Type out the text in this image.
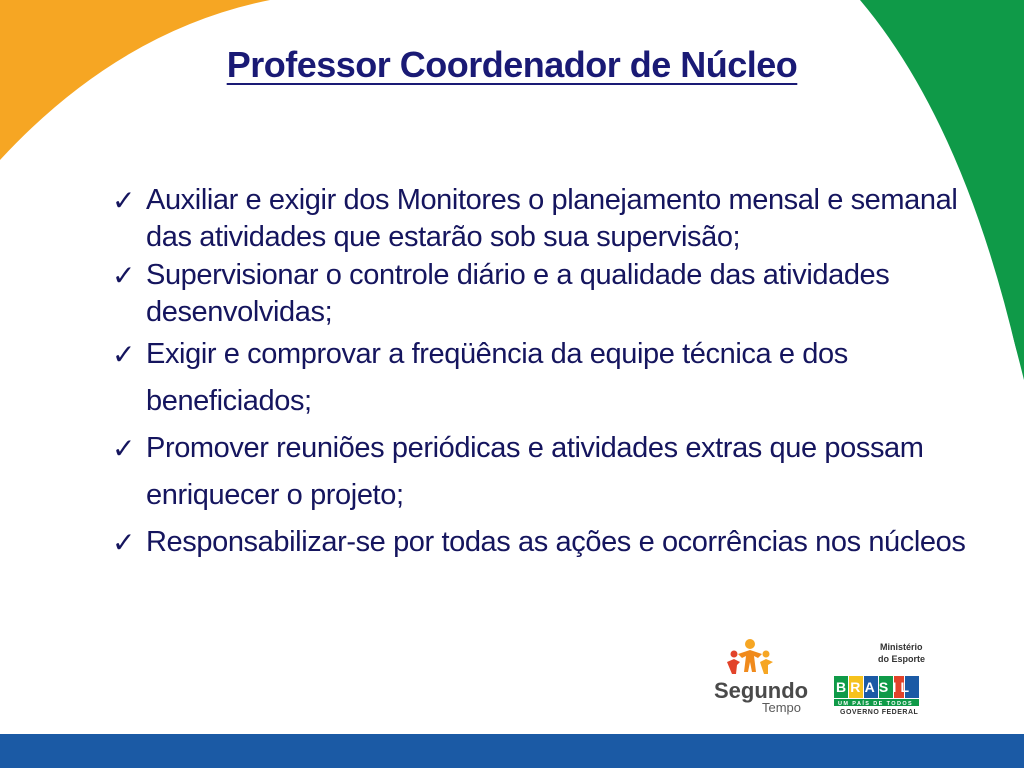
Professor Coordenador de Núcleo
✓ Auxiliar e exigir dos Monitores o planejamento mensal e semanal das atividades que estarão sob sua supervisão;
✓ Supervisionar o controle diário e a qualidade das atividades desenvolvidas;
✓ Exigir e comprovar a freqüência da equipe técnica e dos beneficiados;
✓ Promover reuniões periódicas e atividades extras que possam enriquecer o projeto;
✓ Responsabilizar-se por todas as ações e ocorrências nos núcleos
Segundo
Tempo
Ministério
do Esporte
BRASIL
UM PAÍS DE TODOS
GOVERNO FEDERAL
